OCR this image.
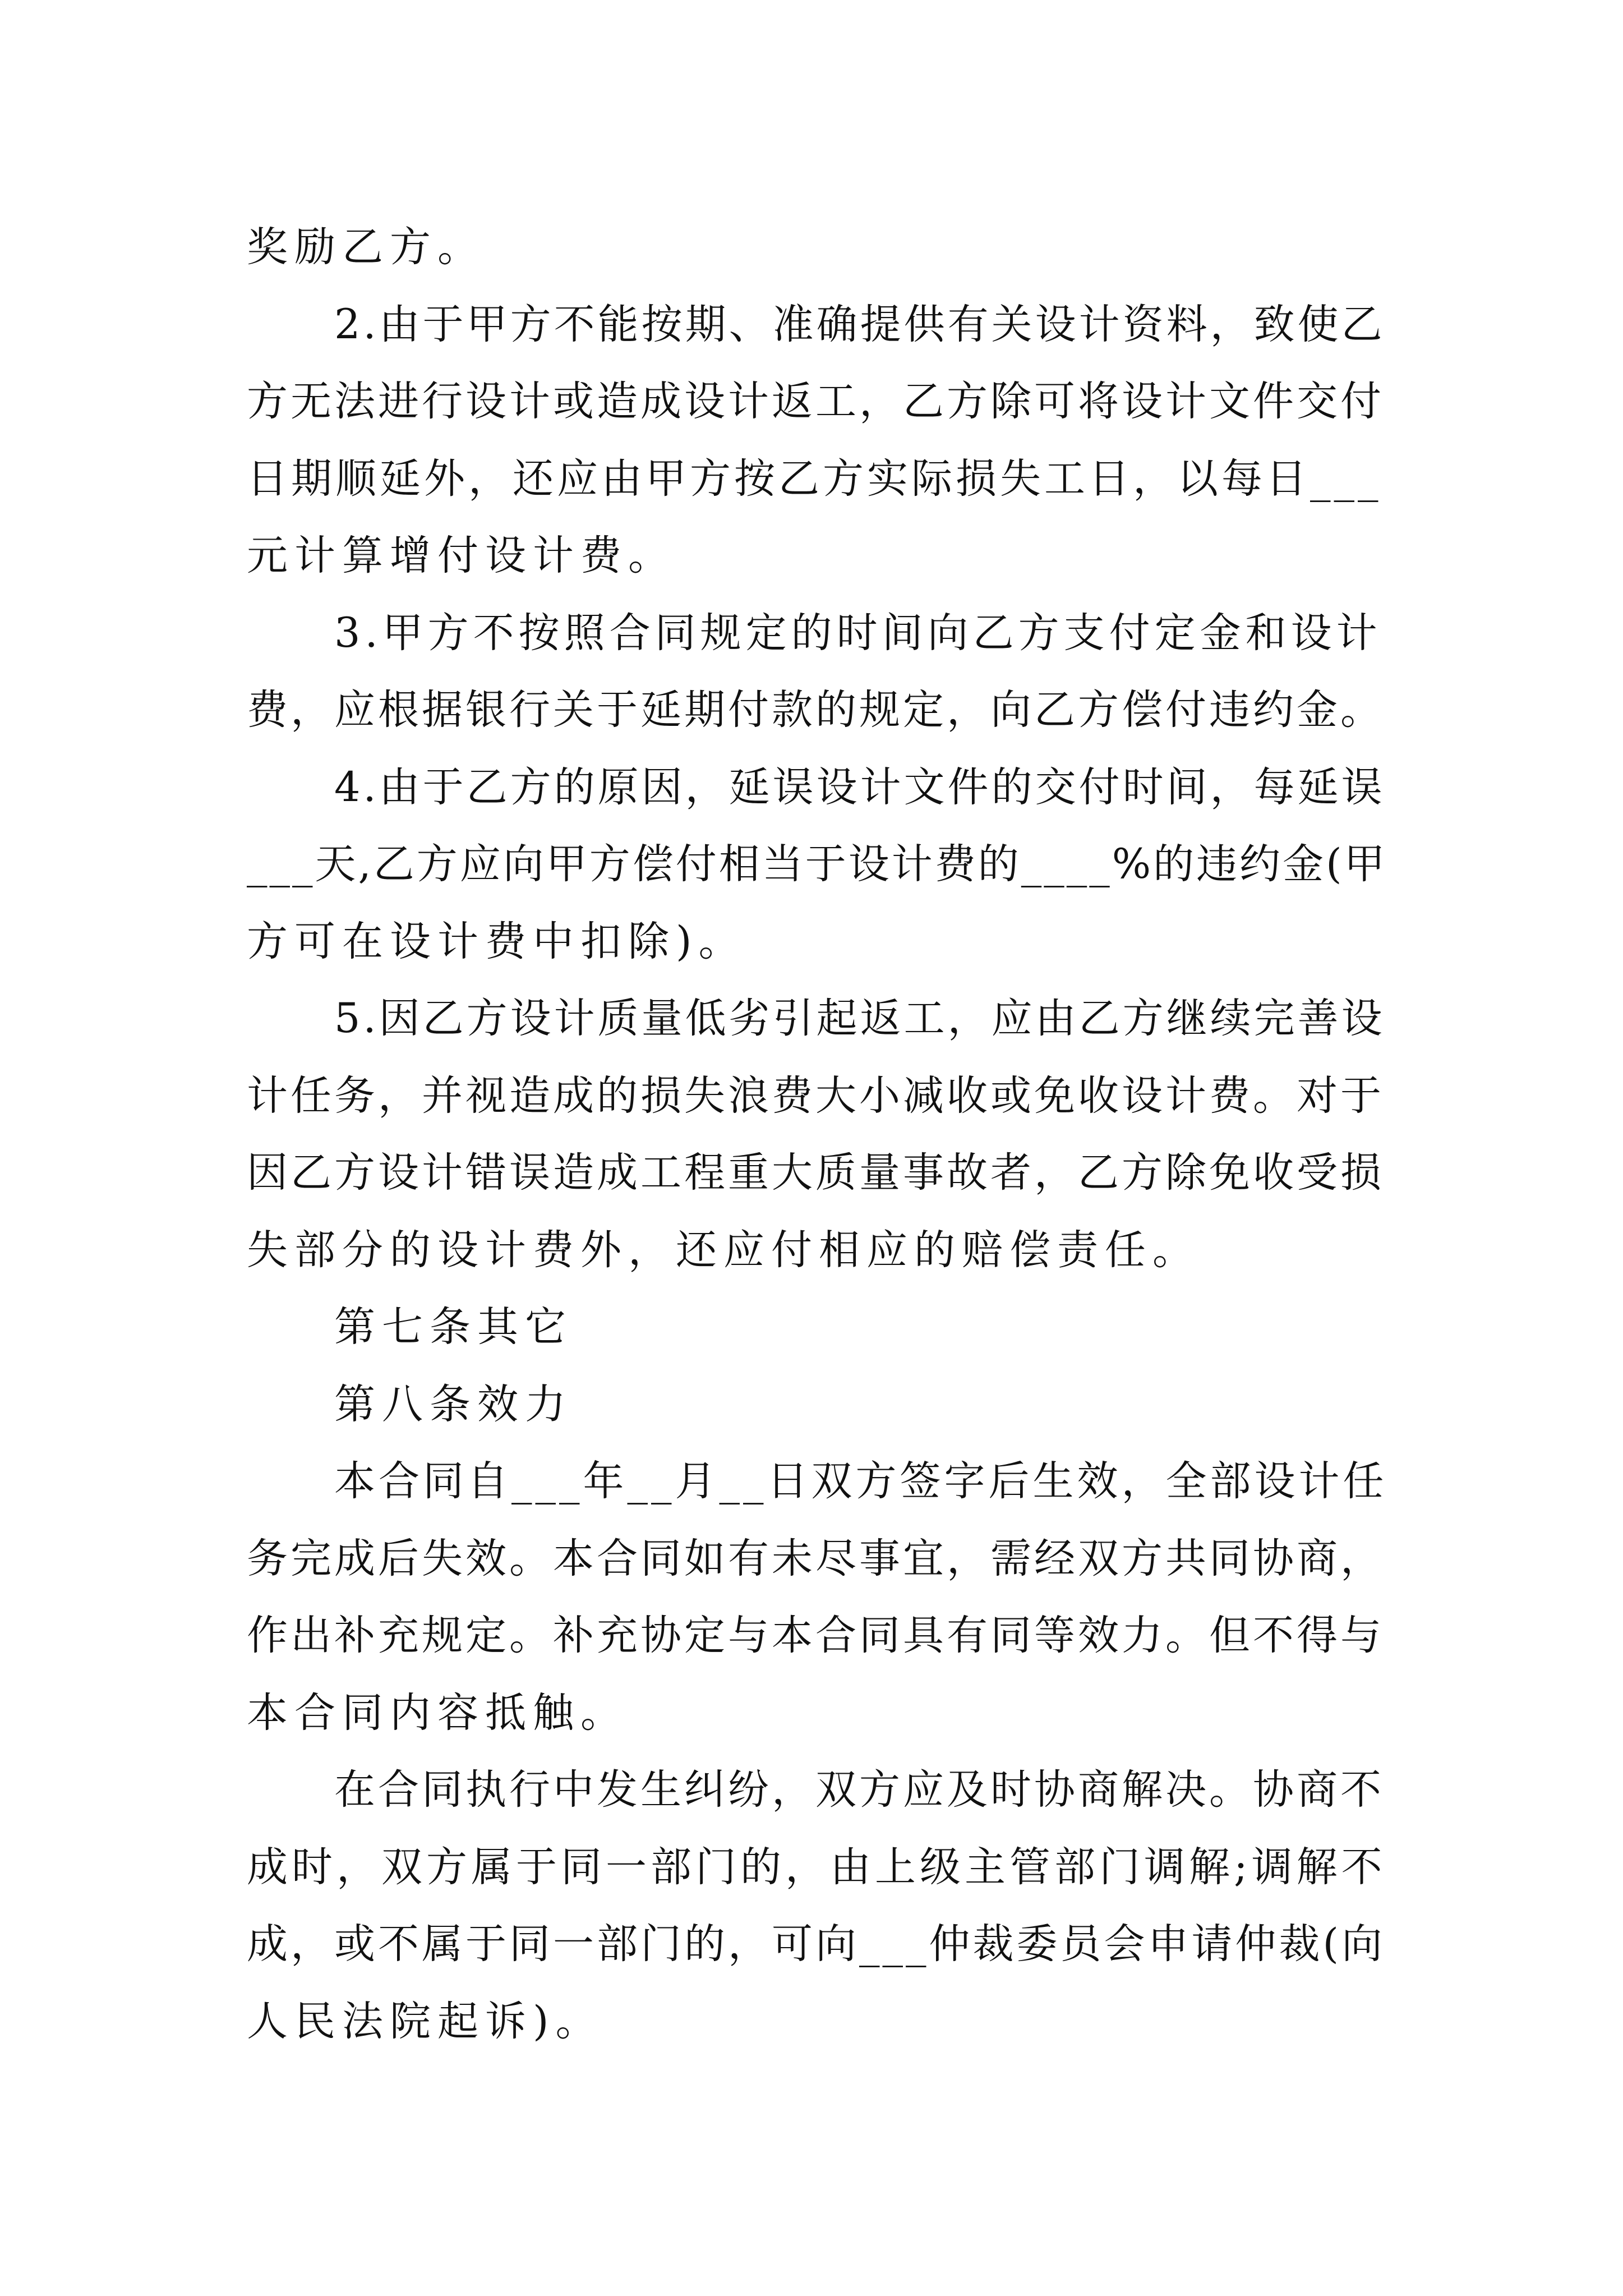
奖励乙方。
2.由于甲方不能按期、准确提供有关设计资料，致使乙
方无法进行设计或造成设计返工，乙方除可将设计文件交付
日期顺延外，还应由甲方按乙方实际损失工日，以每日___
元计算增付设计费。
3.甲方不按照合同规定的时间向乙方支付定金和设计
费，应根据银行关于延期付款的规定，向乙方偿付违约金。
4.由于乙方的原因，延误设计文件的交付时间，每延误
___天,乙方应向甲方偿付相当于设计费的____%的违约金(甲
方可在设计费中扣除)。
5.因乙方设计质量低劣引起返工，应由乙方继续完善设
计任务，并视造成的损失浪费大小减收或免收设计费。对于
因乙方设计错误造成工程重大质量事故者，乙方除免收受损
失部分的设计费外，还应付相应的赔偿责任。
第七条其它
第八条效力
本合同自___年__月__日双方签字后生效，全部设计任
务完成后失效。本合同如有未尽事宜，需经双方共同协商，
作出补充规定。补充协定与本合同具有同等效力。但不得与
本合同内容抵触。
在合同执行中发生纠纷，双方应及时协商解决。协商不
成时，双方属于同一部门的，由上级主管部门调解;调解不
成，或不属于同一部门的，可向___仲裁委员会申请仲裁(向
人民法院起诉)。
